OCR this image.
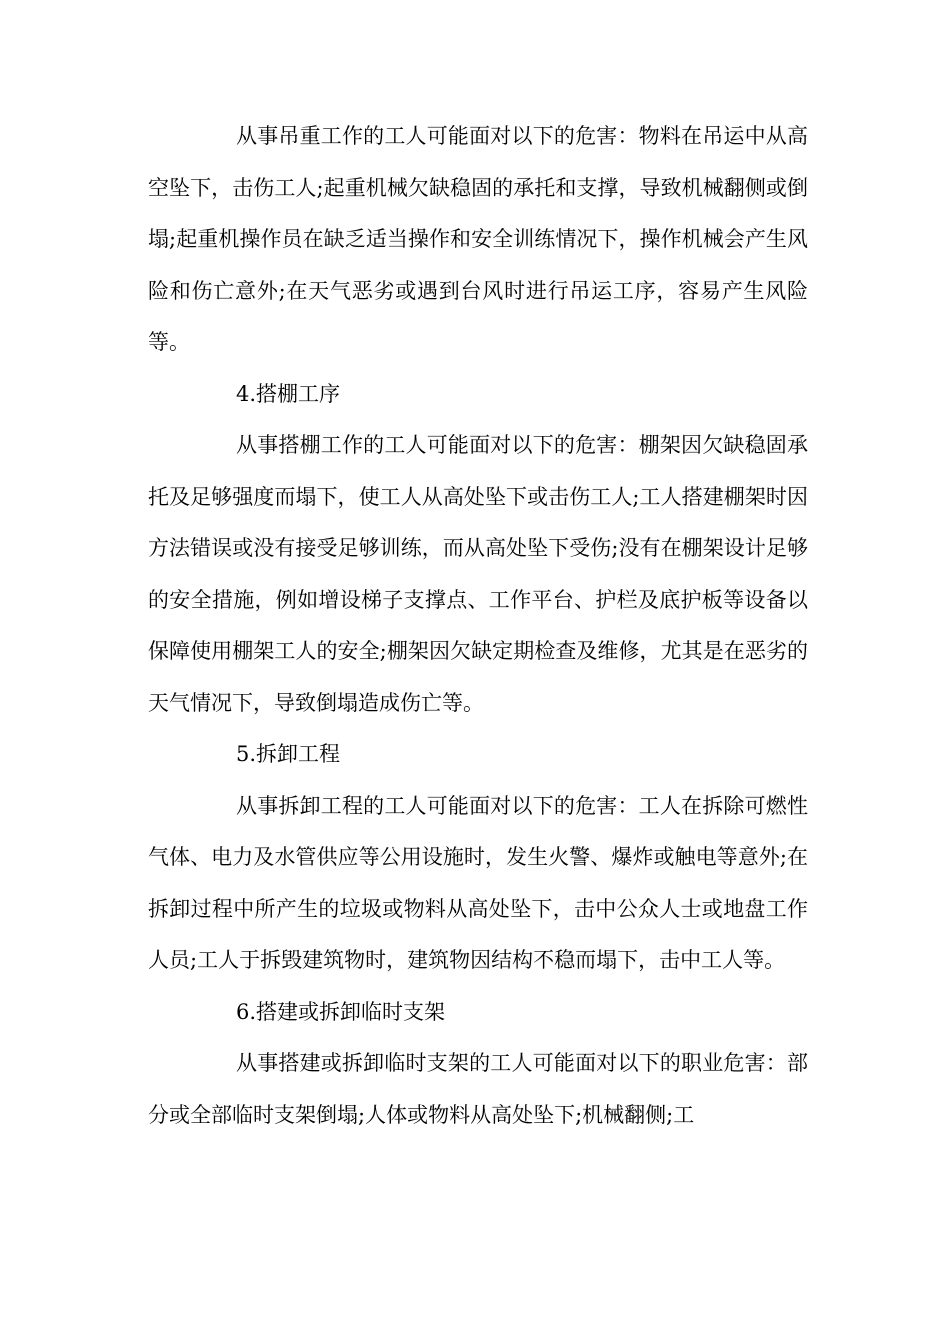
从事吊重工作的工人可能面对以下的危害：物料在吊运中从高空坠下，击伤工人;起重机械欠缺稳固的承托和支撑，导致机械翻侧或倒塌;起重机操作员在缺乏适当操作和安全训练情况下，操作机械会产生风险和伤亡意外;在天气恶劣或遇到台风时进行吊运工序，容易产生风险等。

4.搭棚工序

从事搭棚工作的工人可能面对以下的危害：棚架因欠缺稳固承托及足够强度而塌下，使工人从高处坠下或击伤工人;工人搭建棚架时因方法错误或没有接受足够训练，而从高处坠下受伤;没有在棚架设计足够的安全措施，例如增设梯子支撑点、工作平台、护栏及底护板等设备以保障使用棚架工人的安全;棚架因欠缺定期检查及维修，尤其是在恶劣的天气情况下，导致倒塌造成伤亡等。

5.拆卸工程

从事拆卸工程的工人可能面对以下的危害：工人在拆除可燃性气体、电力及水管供应等公用设施时，发生火警、爆炸或触电等意外;在拆卸过程中所产生的垃圾或物料从高处坠下，击中公众人士或地盘工作人员;工人于拆毁建筑物时，建筑物因结构不稳而塌下，击中工人等。

6.搭建或拆卸临时支架

从事搭建或拆卸临时支架的工人可能面对以下的职业危害：部分或全部临时支架倒塌;人体或物料从高处坠下;机械翻侧;工
